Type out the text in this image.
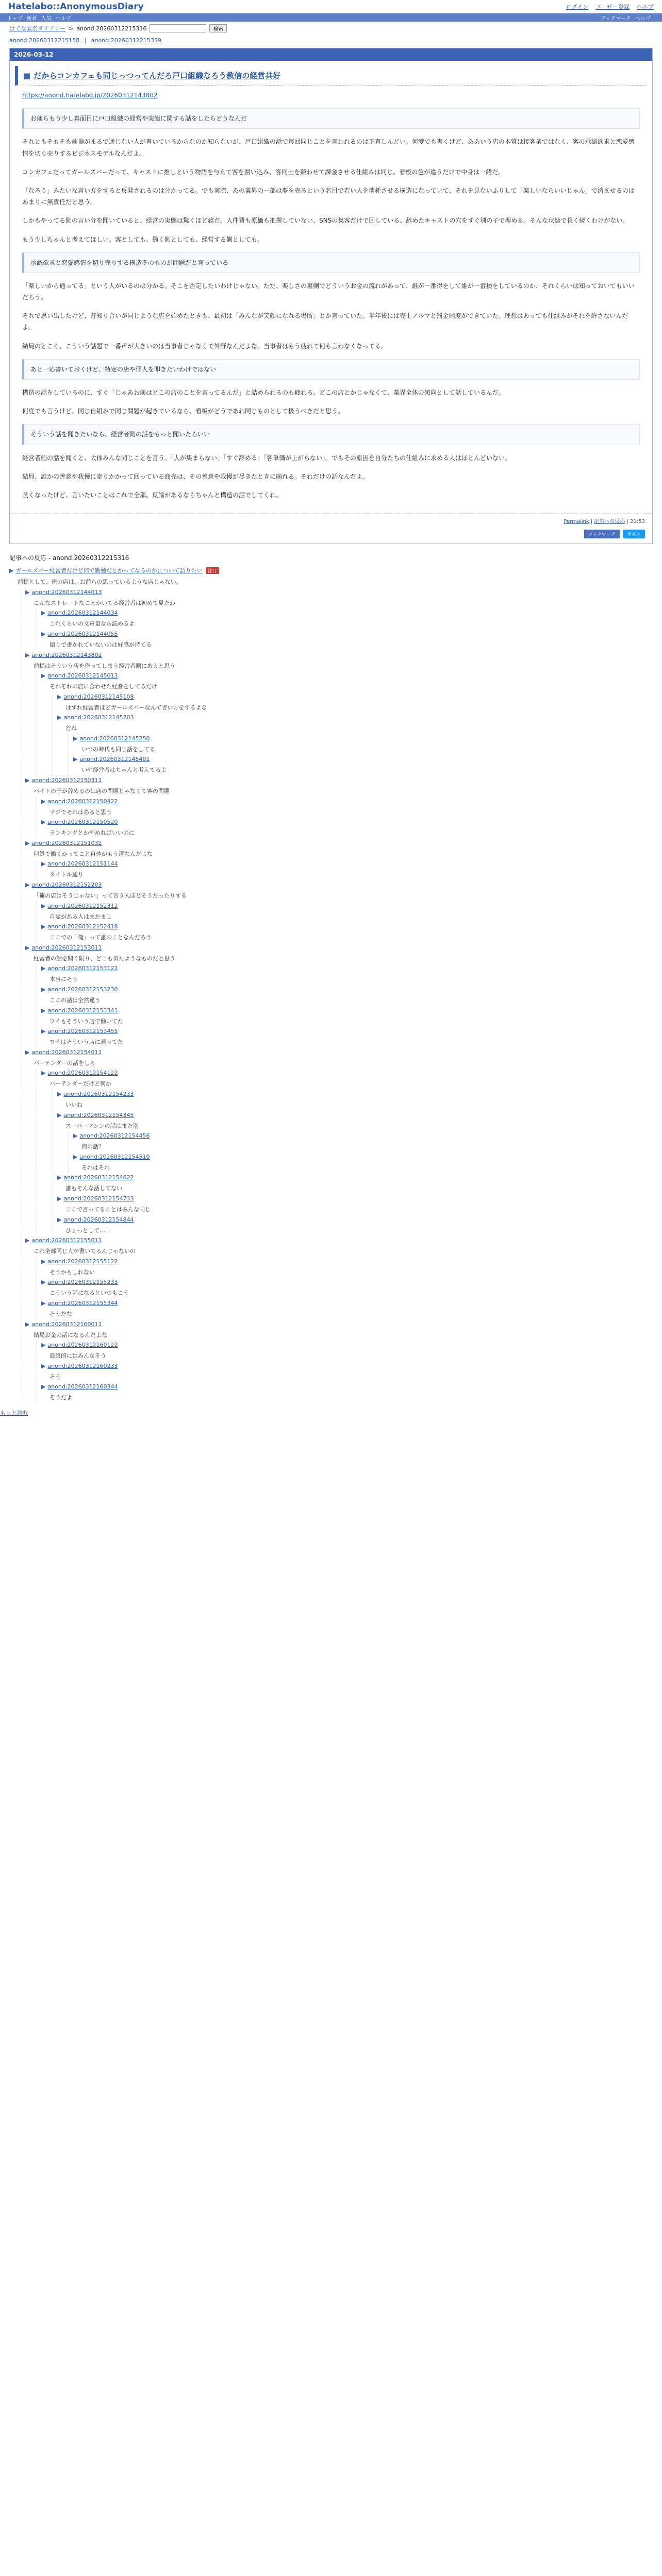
Hatelabo::AnonymousDiary	ログイン ユーザー登録 ヘルプ
トップ 新着 人気 ヘルプ	ブックマーク ヘルプ
はてな匿名ダイアリー > anond:20260312215316	検索
anond:20260312215158 | anond:20260312215359
2026-03-12
■ だからコンカフェも同じっつってんだろ戸口組織なろう教信の経営共好

https://anond.hatelabo.jp/20260312143802

お前らもう少し真面目に戸口組織の経営や実態に関する話をしたらどうなんだ

それともそもそも前提がまるで通じない人が書いているからなのか知らないが、戸口組織の話で毎回同じことを言われるのは正直しんどい。何度でも書くけど、ああいう店の本質は接客業ではなく、客の承認欲求と恋愛感情を切り売りするビジネスモデルなんだよ。

コンカフェだってガールズバーだって、キャストに推しという物語を与えて客を囲い込み、客同士を競わせて課金させる仕組みは同じ。看板の色が違うだけで中身は一緒だ。

「なろう」みたいな言い方をすると反発されるのは分かってる。でも実際、あの業界の一部は夢を売るという名目で若い人を消耗させる構造になっていて、それを見ないふりして「楽しいならいいじゃん」で済ませるのはあまりに無責任だと思う。

しかもやってる側の言い分を聞いていると、経営の実態は驚くほど雑だ。人件費も原価も把握していない、SNSの集客だけで回している、辞めたキャストの穴をすぐ別の子で埋める。そんな状態で長く続くわけがない。

もう少しちゃんと考えてほしい。客としても、働く側としても、経営する側としても。

承認欲求と恋愛感情を切り売りする構造そのものが問題だと言っている

「楽しいから通ってる」という人がいるのは分かる。そこを否定したいわけじゃない。ただ、楽しさの裏側でどういうお金の流れがあって、誰が一番得をして誰が一番損をしているのか、それくらいは知っておいてもいいだろう。

それで思い出したけど、昔知り合いが同じような店を始めたときも、最初は「みんなが笑顔になれる場所」とか言っていた。半年後には売上ノルマと罰金制度ができていた。理想はあっても仕組みがそれを許さないんだよ。

結局のところ、こういう話題で一番声が大きいのは当事者じゃなくて外野なんだよな。当事者はもう疲れて何も言わなくなってる。

あと一応書いておくけど、特定の店や個人を叩きたいわけではない

構造の話をしているのに、すぐ「じゃあお前はどこの店のことを言ってるんだ」と詰められるのも疲れる。どこの店とかじゃなくて、業界全体の傾向として話しているんだ。

何度でも言うけど、同じ仕組みで同じ問題が起きているなら、看板がどうであれ同じものとして扱うべきだと思う。

そういう話を聞きたいなら、経営者側の話をもっと聞いたらいい

経営者側の話を聞くと、大体みんな同じことを言う。「人が集まらない」「すぐ辞める」「客単価が上がらない」。でもその原因を自分たちの仕組みに求める人はほとんどいない。

結局、誰かの善意や我慢に寄りかかって回っている商売は、その善意や我慢が尽きたときに崩れる。それだけの話なんだよ。

長くなったけど、言いたいことはこれで全部。反論があるならちゃんと構造の話でしてくれ。

Permalink | 記事への反応 | 21:53
ブックマーク	ポスト
記事への反応 - anond:20260312215316
▶ ガールズバー経営者だけど何で勤勉だとかってなるのかについて語りたい 注目
前提として、俺の店は、お前らの思っているような店じゃない。
▶ anond:20260312144013
こんなストレートなことかいてる経営者は初めて見たわ
▶ anond:20260312144034
これくらいの文章量なら読めるよ
▶ anond:20260312144055
偏りで書かれていないのは好感が持てる
▶ anond:20260312143802
前提はそういう店を作ってしまう経営者側にあると思う
▶ anond:20260312145013
それぞれの店に合わせた経営をしてるだけ
▶ anond:20260312145108
はずれ経営者ほどガールズバーなんて言い方をするよな
▶ anond:20260312145203
だね
▶ anond:20260312145250
いつの時代も同じ話をしてる
▶ anond:20260312145401
いや経営者はちゃんと考えてるよ
▶ anond:20260312150311
バイトの子が辞めるのは店の問題じゃなくて客の問題
▶ anond:20260312150422
マジでそれはあると思う
▶ anond:20260312150520
ランキングとかやめればいいのに
▶ anond:20260312151032
何処で働くかってこと自体がもう運なんだよな
▶ anond:20260312151144
タイトル通り
▶ anond:20260312152203
「俺の店はそうじゃない」って言う人ほどそうだったりする
▶ anond:20260312152312
自覚がある人はまだまし
▶ anond:20260312152418
ここでの「俺」って誰のことなんだろう
▶ anond:20260312153011
経営者の話を聞く限り、どこも似たようなものだと思う
▶ anond:20260312153122
本当にそう
▶ anond:20260312153230
ここの話は全然違う
▶ anond:20260312153341
ワイもそういう店で働いてた
▶ anond:20260312153455
ワイはそういう店に通ってた
▶ anond:20260312154011
バーテンダーの話をしろ
▶ anond:20260312154122
バーテンダーだけど何か
▶ anond:20260312154233
いいね
▶ anond:20260312154345
スーパーマシンの話はまた別
▶ anond:20260312154456
何の話？
▶ anond:20260312154510
それはそれ
▶ anond:20260312154622
誰もそんな話してない
▶ anond:20260312154733
ここで言ってることはみんな同じ
▶ anond:20260312154844
ひょっとして……
▶ anond:20260312155011
これ全部同じ人が書いてるんじゃないの
▶ anond:20260312155122
そうかもしれない
▶ anond:20260312155233
こういう話になるといつもこう
▶ anond:20260312155344
そうだな
▶ anond:20260312160011
結局お金の話になるんだよな
▶ anond:20260312160122
最終的にはみんなそう
▶ anond:20260312160233
そう
▶ anond:20260312160344
そうだよ
もっと読む
